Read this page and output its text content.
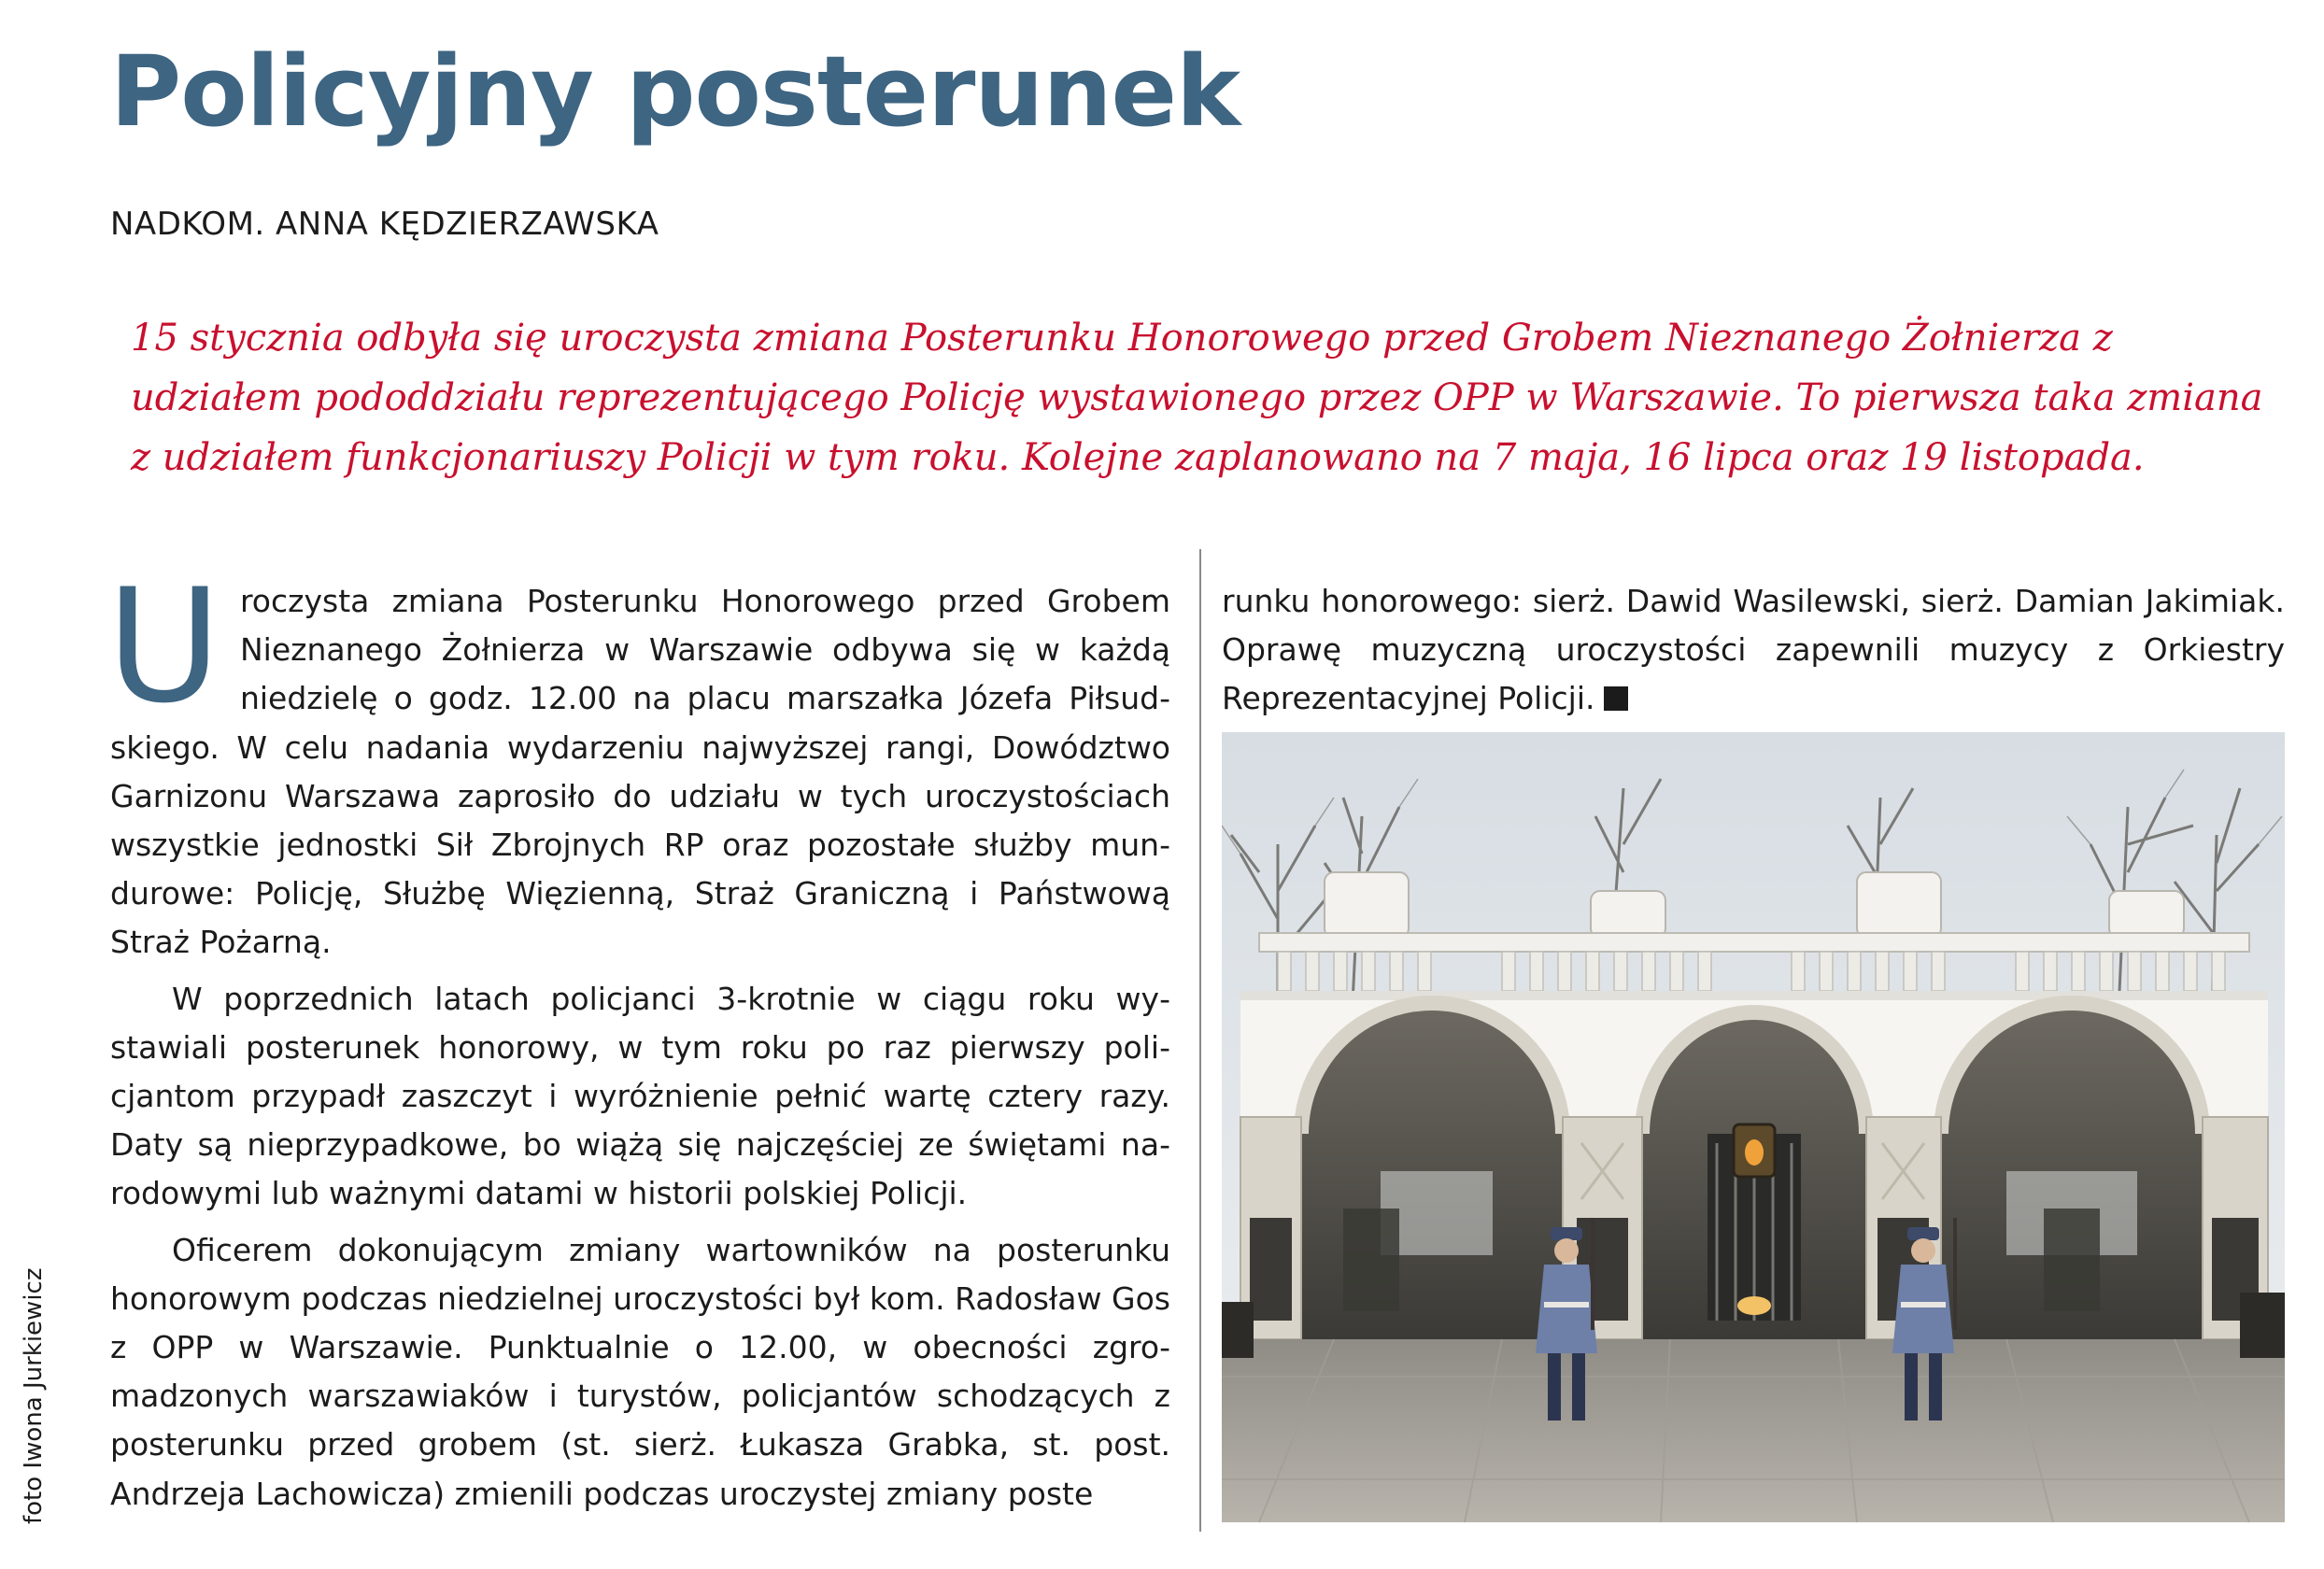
Policyjny posterunek
NADKOM. ANNA KĘDZIERZAWSKA

15 stycznia odbyła się uroczysta zmiana Posterunku Honorowego przed Grobem Nieznanego Żołnierza z udziałem pododdziału reprezentującego Policję wystawionego przez OPP w Warszawie. To pierwsza taka zmiana z udziałem funkcjonariuszy Policji w tym roku. Kolejne zaplanowano na 7 maja, 16 lipca oraz 19 listopada.

Uroczysta zmiana Posterunku Honorowego przed Grobem Nieznanego Żołnierza w Warszawie odbywa się w każdą niedzielę o godz. 12.00 na placu marszałka Józefa Piłsudskiego. W celu nadania wydarzeniu najwyższej rangi, Dowództwo Garnizonu Warszawa zaprosiło do udziału w tych uroczystościach wszystkie jednostki Sił Zbrojnych RP oraz pozostałe służby mundurowe: Policję, Służbę Więzienną, Straż Graniczną i Państwową Straż Pożarną.

W poprzednich latach policjanci 3-krotnie w ciągu roku wystawiali posterunek honorowy, w tym roku po raz pierwszy policjantom przypadł zaszczyt i wyróżnienie pełnić wartę cztery razy. Daty są nieprzypadkowe, bo wiążą się najczęściej ze świętami narodowymi lub ważnymi datami w historii polskiej Policji.

Oficerem dokonującym zmiany wartowników na posterunku honorowym podczas niedzielnej uroczystości był kom. Radosław Gos z OPP w Warszawie. Punktualnie o 12.00, w obecności zgromadzonych warszawiaków i turystów, policjantów schodzących z posterunku przed grobem (st. sierż. Łukasza Grabka, st. post. Andrzeja Lachowicza) zmienili podczas uroczystej zmiany poste

runku honorowego: sierż. Dawid Wasilewski, sierż. Damian Jakimiak. Oprawę muzyczną uroczystości zapewnili muzycy z Orkiestry Reprezentacyjnej Policji.

foto Iwona Jurkiewicz
